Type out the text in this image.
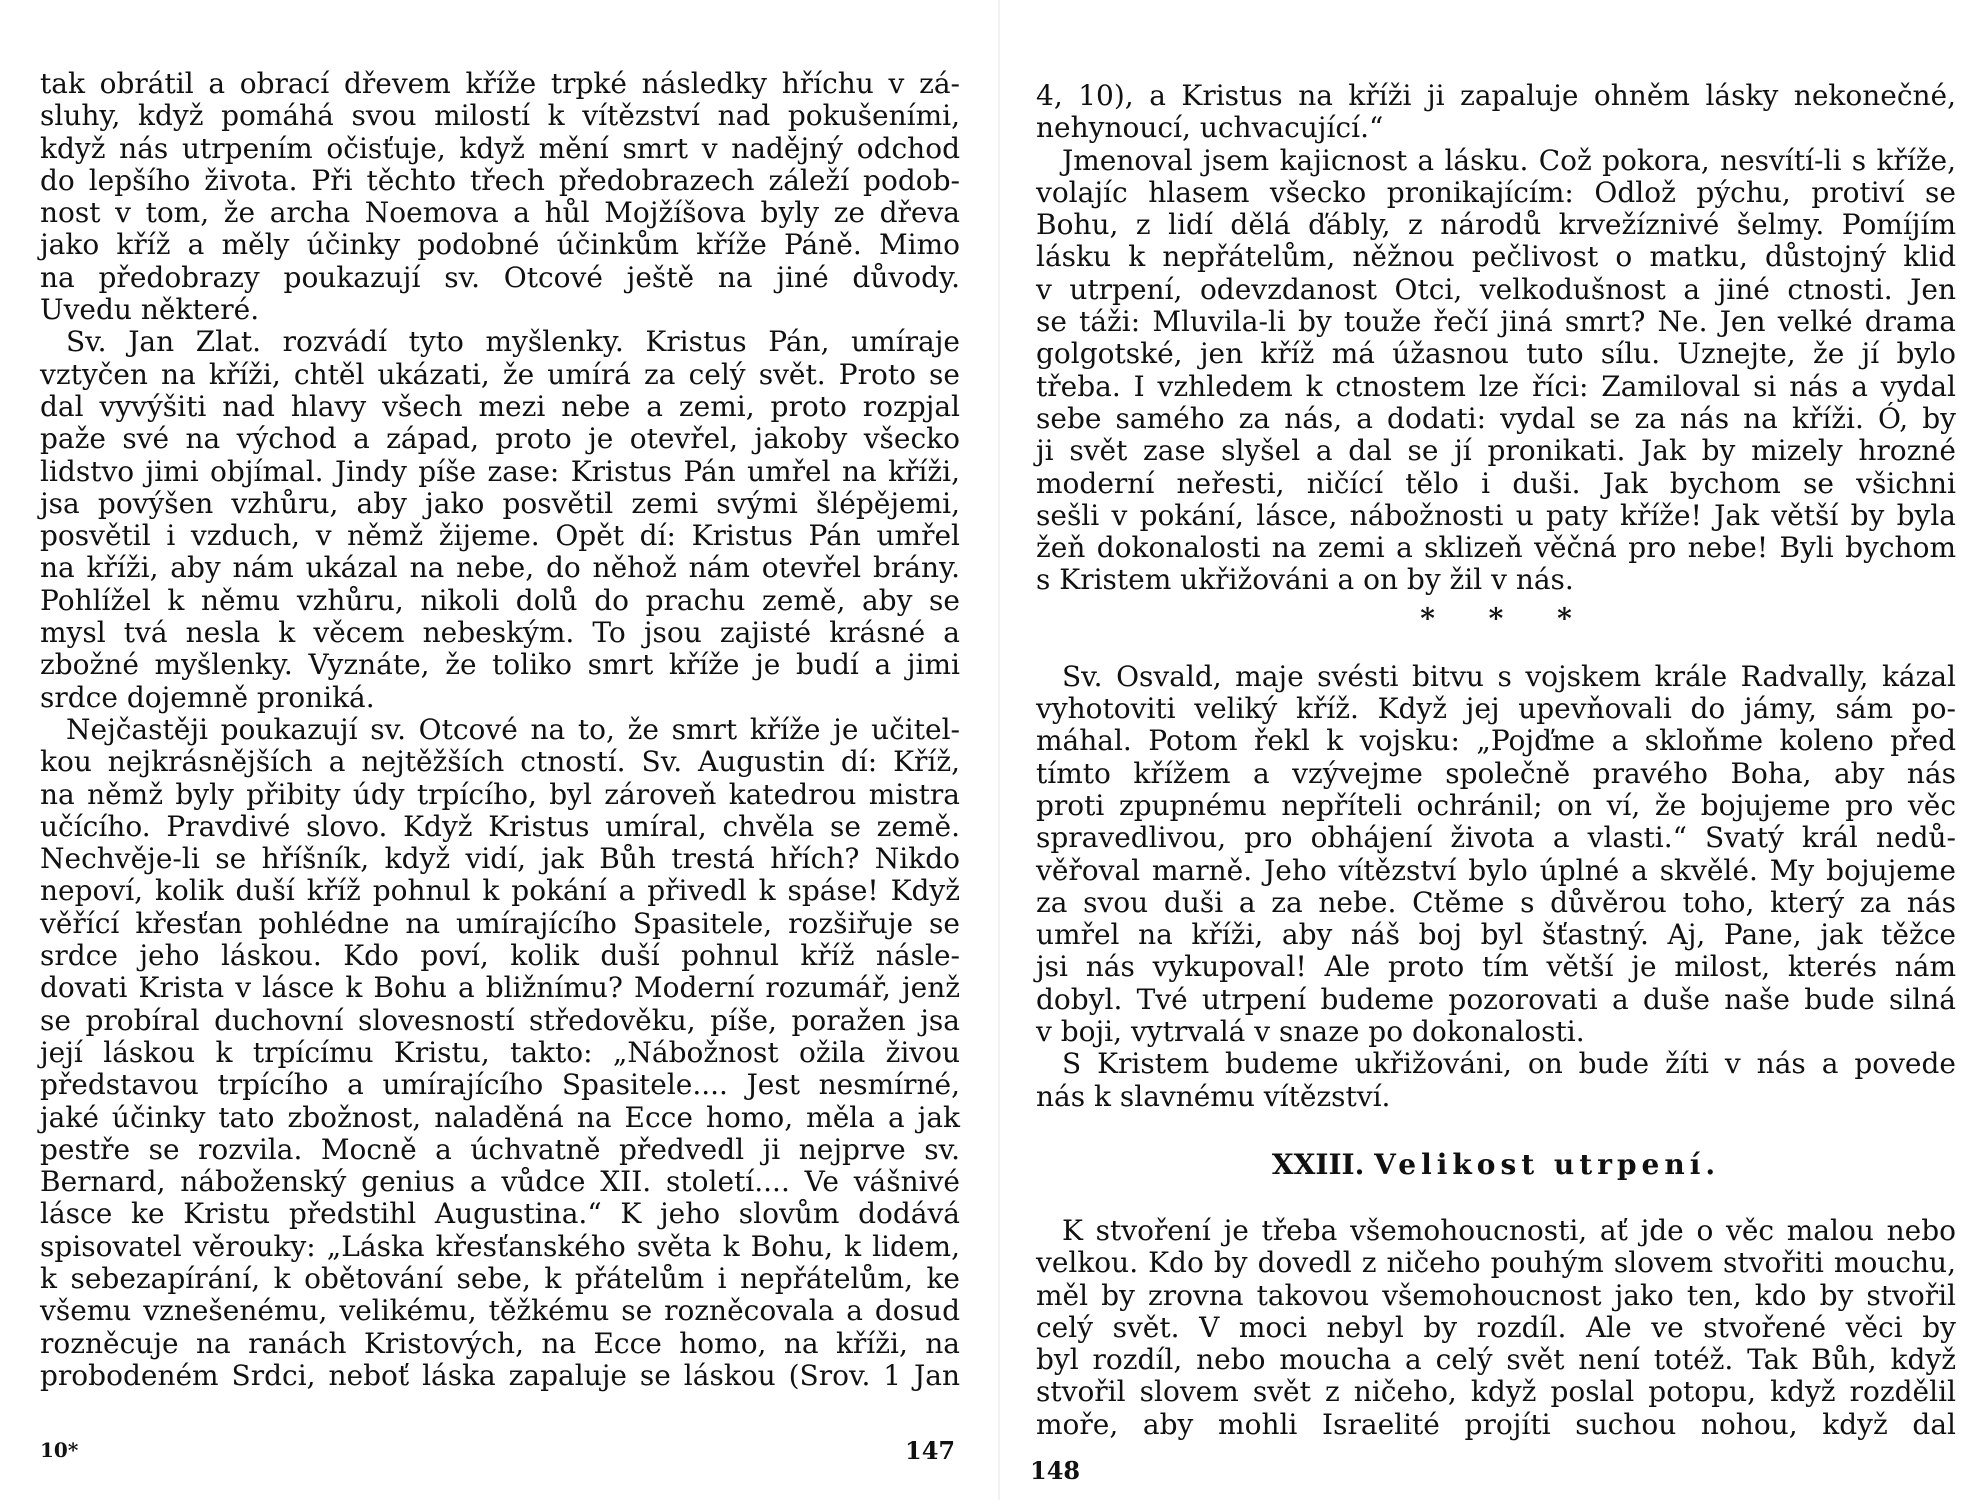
tak obrátil a obrací dřevem kříže trpké následky hříchu v zá-
sluhy, když pomáhá svou milostí k vítězství nad pokušeními,
když nás utrpením očisťuje, když mění smrt v nadějný odchod
do lepšího života. Při těchto třech předobrazech záleží podob-
nost v tom, že archa Noemova a hůl Mojžíšova byly ze dřeva
jako kříž a měly účinky podobné účinkům kříže Páně. Mimo
na předobrazy poukazují sv. Otcové ještě na jiné důvody.
Uvedu některé.
Sv. Jan Zlat. rozvádí tyto myšlenky. Kristus Pán, umíraje
vztyčen na kříži, chtěl ukázati, že umírá za celý svět. Proto se
dal vyvýšiti nad hlavy všech mezi nebe a zemi, proto rozpjal
paže své na východ a západ, proto je otevřel, jakoby všecko
lidstvo jimi objímal. Jindy píše zase: Kristus Pán umřel na kříži,
jsa povýšen vzhůru, aby jako posvětil zemi svými šlépějemi,
posvětil i vzduch, v němž žijeme. Opět dí: Kristus Pán umřel
na kříži, aby nám ukázal na nebe, do něhož nám otevřel brány.
Pohlížel k němu vzhůru, nikoli dolů do prachu země, aby se
mysl tvá nesla k věcem nebeským. To jsou zajisté krásné a
zbožné myšlenky. Vyznáte, že toliko smrt kříže je budí a jimi
srdce dojemně proniká.
Nejčastěji poukazují sv. Otcové na to, že smrt kříže je učitel-
kou nejkrásnějších a nejtěžších ctností. Sv. Augustin dí: Kříž,
na němž byly přibity údy trpícího, byl zároveň katedrou mistra
učícího. Pravdivé slovo. Když Kristus umíral, chvěla se země.
Nechvěje-li se hříšník, když vidí, jak Bůh trestá hřích? Nikdo
nepoví, kolik duší kříž pohnul k pokání a přivedl k spáse! Když
věřící křesťan pohlédne na umírajícího Spasitele, rozšiřuje se
srdce jeho láskou. Kdo poví, kolik duší pohnul kříž násle-
dovati Krista v lásce k Bohu a bližnímu? Moderní rozumář, jenž
se probíral duchovní slovesností středověku, píše, poražen jsa
její láskou k trpícímu Kristu, takto: „Nábožnost ožila živou
představou trpícího a umírajícího Spasitele.... Jest nesmírné,
jaké účinky tato zbožnost, naladěná na Ecce homo, měla a jak
pestře se rozvila. Mocně a úchvatně předvedl ji nejprve sv.
Bernard, náboženský genius a vůdce XII. století.... Ve vášnivé
lásce ke Kristu předstihl Augustina.“ K jeho slovům dodává
spisovatel věrouky: „Láska křesťanského světa k Bohu, k lidem,
k sebezapírání, k obětování sebe, k přátelům i nepřátelům, ke
všemu vznešenému, velikému, těžkému se rozněcovala a dosud
rozněcuje na ranách Kristových, na Ecce homo, na kříži, na
probodeném Srdci, neboť láska zapaluje se láskou (Srov. 1 Jan
10*	147
4, 10), a Kristus na kříži ji zapaluje ohněm lásky nekonečné,
nehynoucí, uchvacující.“
Jmenoval jsem kajicnost a lásku. Což pokora, nesvítí-li s kříže,
volajíc hlasem všecko pronikajícím: Odlož pýchu, protiví se
Bohu, z lidí dělá ďábly, z národů krvežíznivé šelmy. Pomíjím
lásku k nepřátelům, něžnou pečlivost o matku, důstojný klid
v utrpení, odevzdanost Otci, velkodušnost a jiné ctnosti. Jen
se táži: Mluvila-li by touže řečí jiná smrt? Ne. Jen velké drama
golgotské, jen kříž má úžasnou tuto sílu. Uznejte, že jí bylo
třeba. I vzhledem k ctnostem lze říci: Zamiloval si nás a vydal
sebe samého za nás, a dodati: vydal se za nás na kříži. Ó, by
ji svět zase slyšel a dal se jí pronikati. Jak by mizely hrozné
moderní neřesti, ničící tělo i duši. Jak bychom se všichni
sešli v pokání, lásce, nábožnosti u paty kříže! Jak větší by byla
žeň dokonalosti na zemi a sklizeň věčná pro nebe! Byli bychom
s Kristem ukřižováni a on by žil v nás.
* * *
Sv. Osvald, maje svésti bitvu s vojskem krále Radvally, kázal
vyhotoviti veliký kříž. Když jej upevňovali do jámy, sám po-
máhal. Potom řekl k vojsku: „Pojďme a skloňme koleno před
tímto křížem a vzývejme společně pravého Boha, aby nás
proti zpupnému nepříteli ochránil; on ví, že bojujeme pro věc
spravedlivou, pro obhájení života a vlasti.“ Svatý král nedů-
věřoval marně. Jeho vítězství bylo úplné a skvělé. My bojujeme
za svou duši a za nebe. Ctěme s důvěrou toho, který za nás
umřel na kříži, aby náš boj byl šťastný. Aj, Pane, jak těžce
jsi nás vykupoval! Ale proto tím větší je milost, kterés nám
dobyl. Tvé utrpení budeme pozorovati a duše naše bude silná
v boji, vytrvalá v snaze po dokonalosti.
S Kristem budeme ukřižováni, on bude žíti v nás a povede
nás k slavnému vítězství.
XXIII. Velikost utrpení.
K stvoření je třeba všemohoucnosti, ať jde o věc malou nebo
velkou. Kdo by dovedl z ničeho pouhým slovem stvořiti mouchu,
měl by zrovna takovou všemohoucnost jako ten, kdo by stvořil
celý svět. V moci nebyl by rozdíl. Ale ve stvořené věci by
byl rozdíl, nebo moucha a celý svět není totéž. Tak Bůh, když
stvořil slovem svět z ničeho, když poslal potopu, když rozdělil
moře, aby mohli Israelité projíti suchou nohou, když dal
148
